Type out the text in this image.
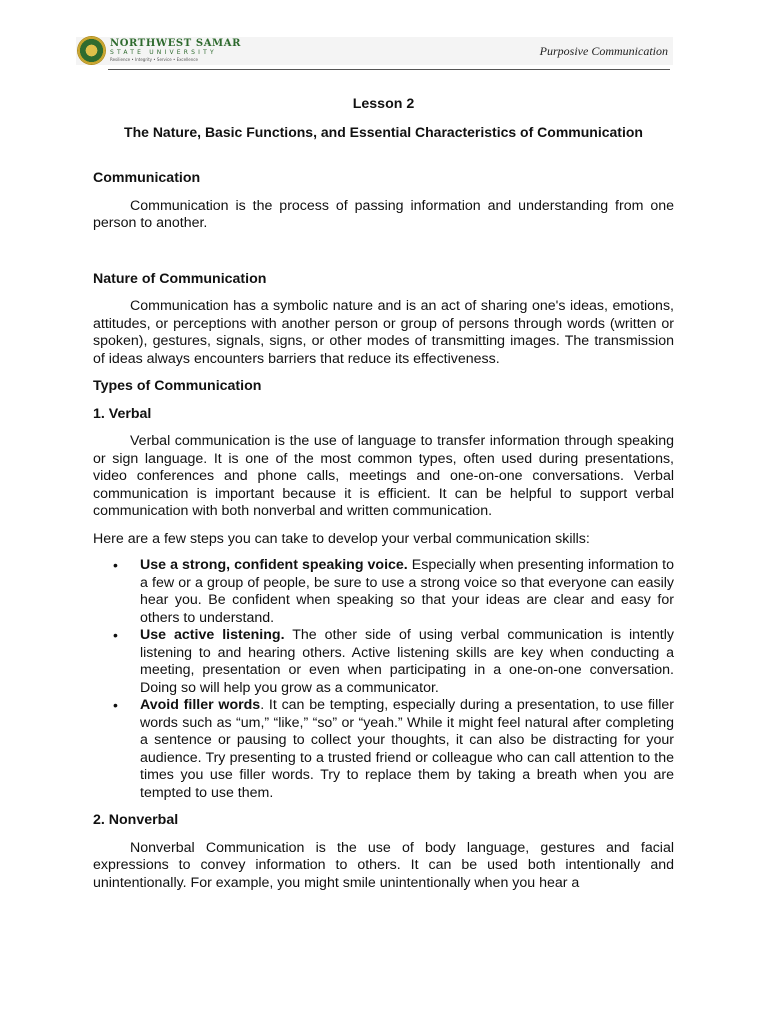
NORTHWEST SAMAR
STATE UNIVERSITY
Resilience • Integrity • Service • Excellence
Purposive Communication

Lesson 2

The Nature, Basic Functions, and Essential Characteristics of Communication

Communication

Communication is the process of passing information and understanding from one person to another.

Nature of Communication

Communication has a symbolic nature and is an act of sharing one's ideas, emotions, attitudes, or perceptions with another person or group of persons through words (written or spoken), gestures, signals, signs, or other modes of transmitting images. The transmission of ideas always encounters barriers that reduce its effectiveness.

Types of Communication

1. Verbal

Verbal communication is the use of language to transfer information through speaking or sign language. It is one of the most common types, often used during presentations, video conferences and phone calls, meetings and one-on-one conversations. Verbal communication is important because it is efficient. It can be helpful to support verbal communication with both nonverbal and written communication.

Here are a few steps you can take to develop your verbal communication skills:

• Use a strong, confident speaking voice. Especially when presenting information to a few or a group of people, be sure to use a strong voice so that everyone can easily hear you. Be confident when speaking so that your ideas are clear and easy for others to understand.
• Use active listening. The other side of using verbal communication is intently listening to and hearing others. Active listening skills are key when conducting a meeting, presentation or even when participating in a one-on-one conversation. Doing so will help you grow as a communicator.
• Avoid filler words. It can be tempting, especially during a presentation, to use filler words such as “um,” “like,” “so” or “yeah.” While it might feel natural after completing a sentence or pausing to collect your thoughts, it can also be distracting for your audience. Try presenting to a trusted friend or colleague who can call attention to the times you use filler words. Try to replace them by taking a breath when you are tempted to use them.

2. Nonverbal

Nonverbal Communication is the use of body language, gestures and facial expressions to convey information to others. It can be used both intentionally and unintentionally. For example, you might smile unintentionally when you hear a
